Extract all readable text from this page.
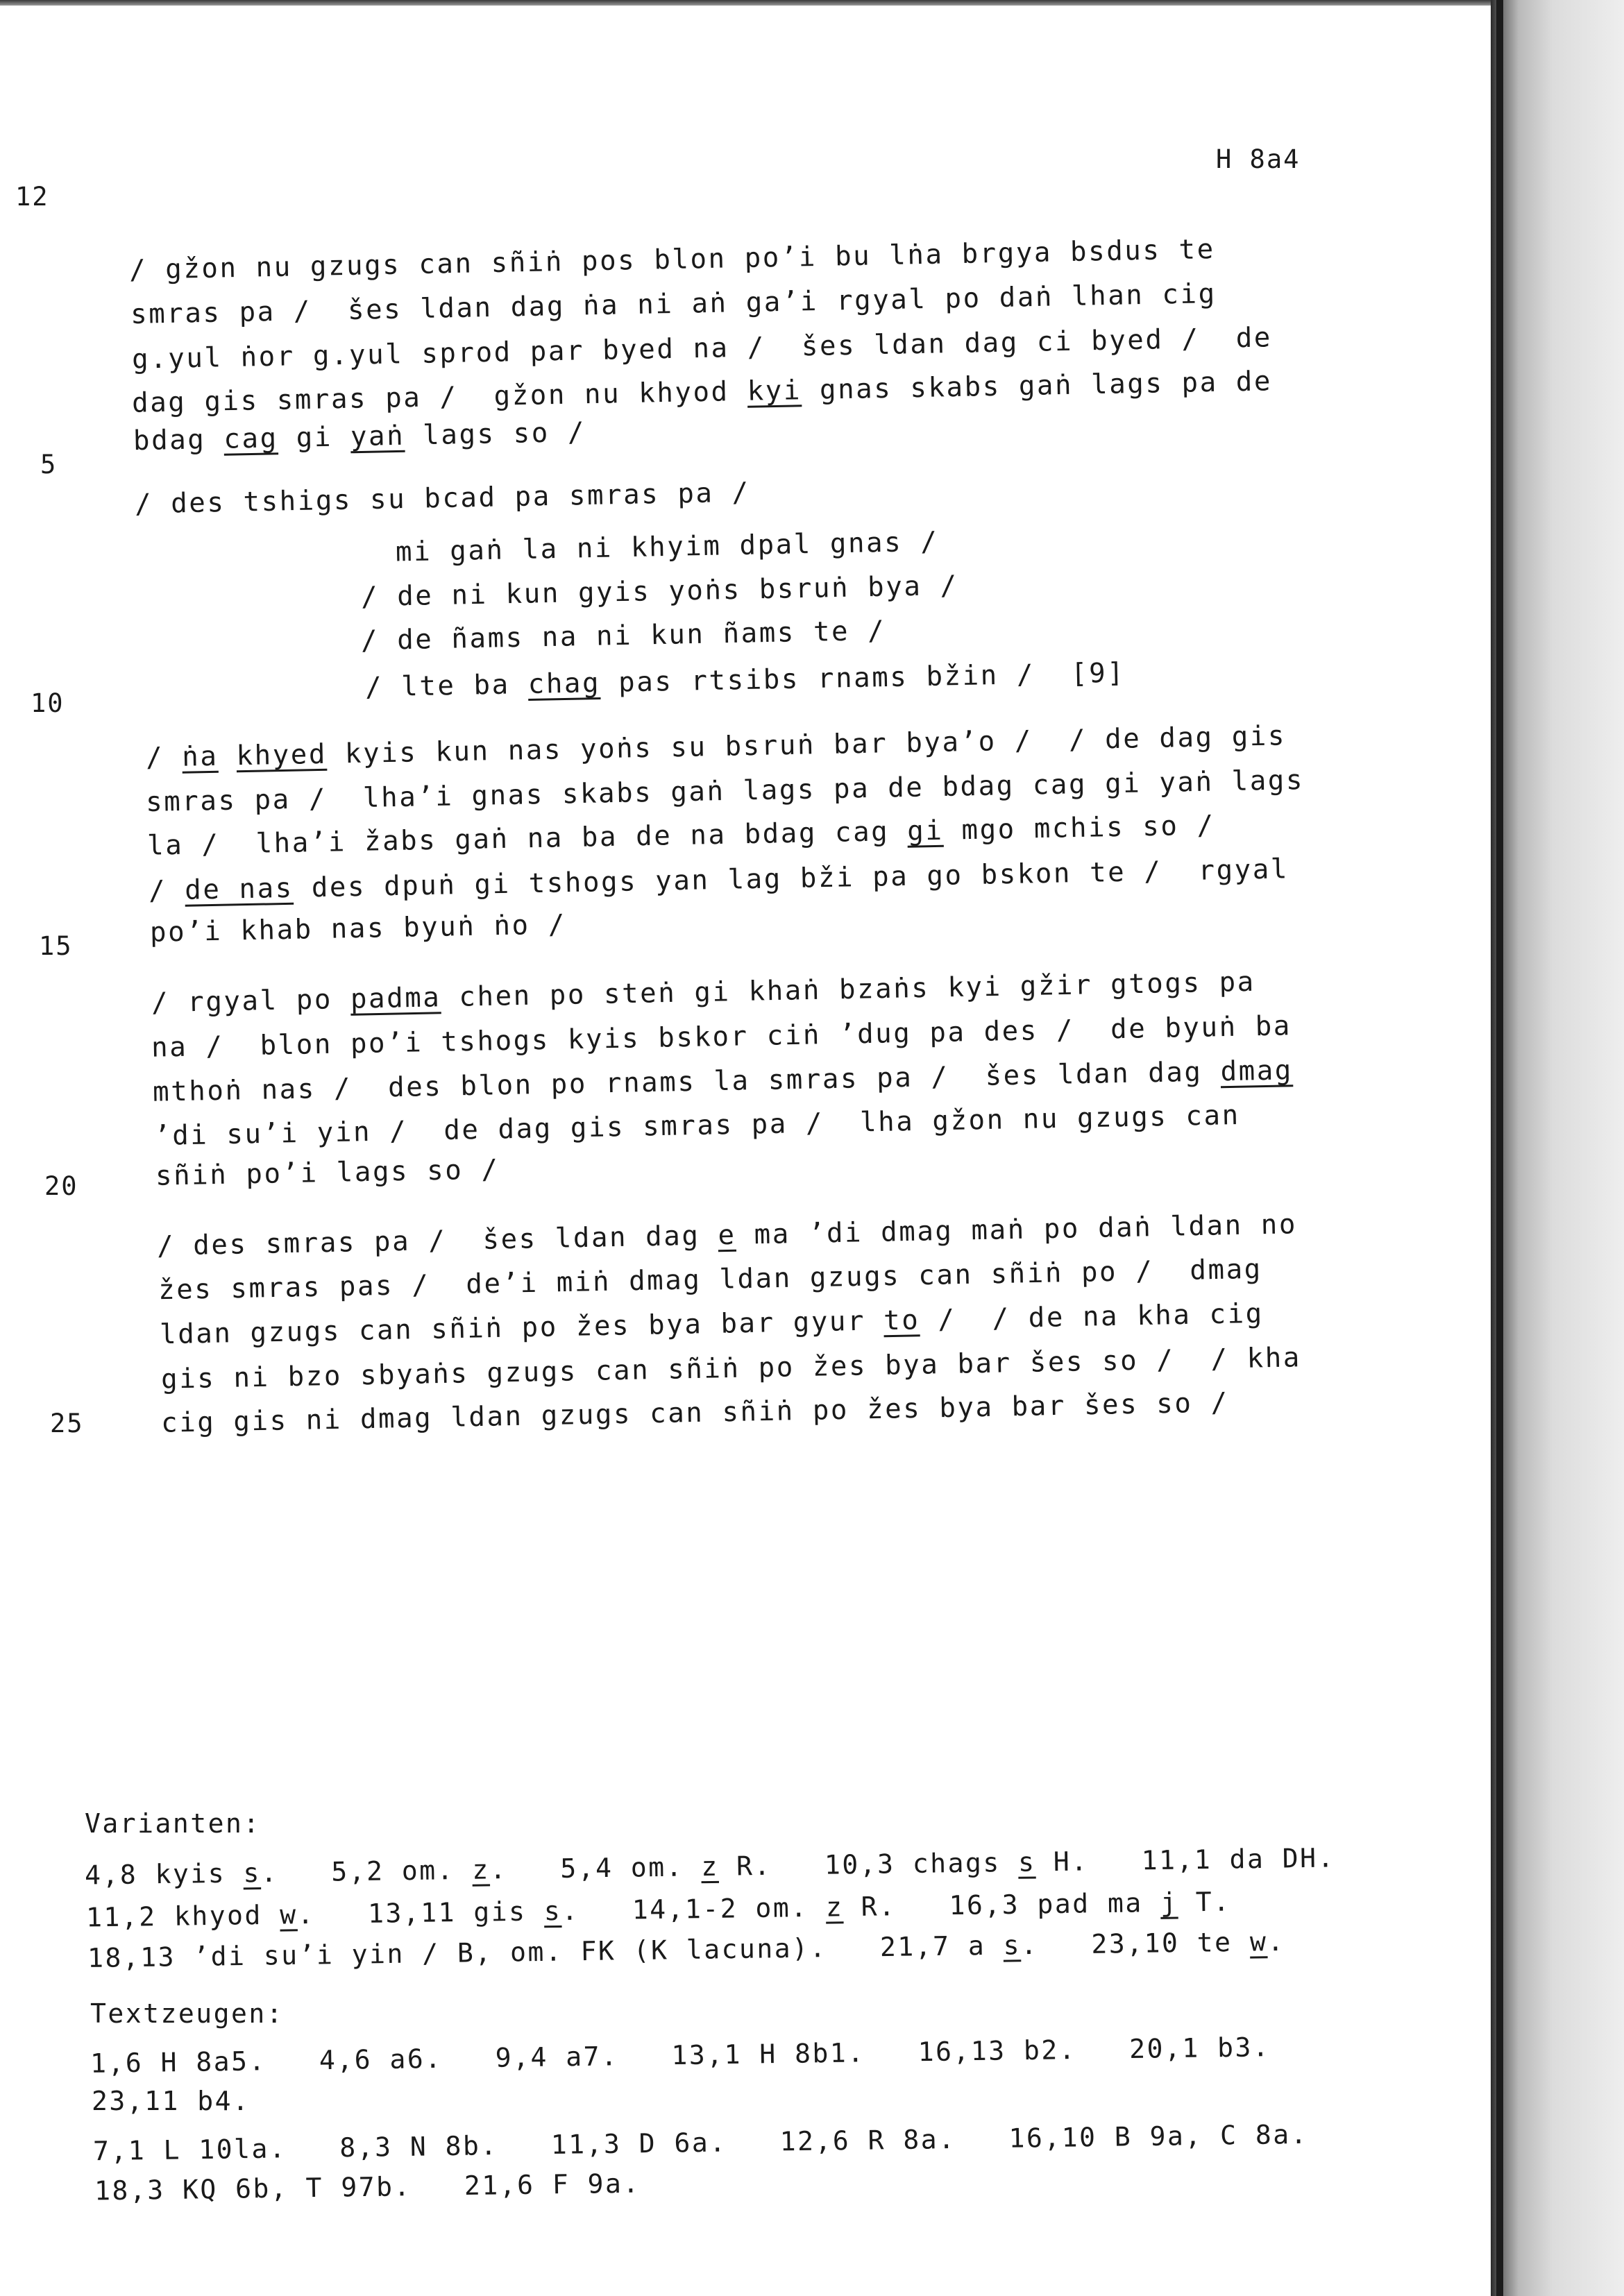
H 8a4
12
5
10
15
20
25
/ gžon nu gzugs can sñiṅ pos blon po’i bu lṅa brgya bsdus te
smras pa /  šes ldan dag ṅa ni aṅ ga’i rgyal po daṅ lhan cig
g.yul ṅor g.yul sprod par byed na /  šes ldan dag ci byed /  de
dag gis smras pa /  gžon nu khyod kyi gnas skabs gaṅ lags pa de
bdag cag gi yaṅ lags so /
/ des tshigs su bcad pa smras pa /
mi gaṅ la ni khyim dpal gnas /
/ de ni kun gyis yoṅs bsruṅ bya /
/ de ñams na ni kun ñams te /
/ lte ba chag pas rtsibs rnams bžin /  [9]
/ ṅa khyed kyis kun nas yoṅs su bsruṅ bar bya’o /  / de dag gis
smras pa /  lha’i gnas skabs gaṅ lags pa de bdag cag gi yaṅ lags
la /  lha’i žabs gaṅ na ba de na bdag cag gi mgo mchis so /
/ de nas des dpuṅ gi tshogs yan lag bži pa go bskon te /  rgyal
po’i khab nas byuṅ ṅo /
/ rgyal po padma chen po steṅ gi khaṅ bzaṅs kyi gžir gtogs pa
na /  blon po’i tshogs kyis bskor ciṅ ’dug pa des /  de byuṅ ba
mthoṅ nas /  des blon po rnams la smras pa /  šes ldan dag dmag
’di su’i yin /  de dag gis smras pa /  lha gžon nu gzugs can
sñiṅ po’i lags so /
/ des smras pa /  šes ldan dag e ma ’di dmag maṅ po daṅ ldan no
žes smras pas /  de’i miṅ dmag ldan gzugs can sñiṅ po /  dmag
ldan gzugs can sñiṅ po žes bya bar gyur to /  / de na kha cig
gis ni bzo sbyaṅs gzugs can sñiṅ po žes bya bar šes so /  / kha
cig gis ni dmag ldan gzugs can sñiṅ po žes bya bar šes so /
Varianten:
4,8 kyis s.   5,2 om. z.   5,4 om. z R.   10,3 chags s H.   11,1 da DH.
11,2 khyod w.   13,11 gis s.   14,1-2 om. z R.   16,3 pad ma j T.
18,13 ’di su’i yin / B, om. FK (K lacuna).   21,7 a s.   23,10 te w.
Textzeugen:
1,6 H 8a5.   4,6 a6.   9,4 a7.   13,1 H 8b1.   16,13 b2.   20,1 b3.
23,11 b4.
7,1 L 10la.   8,3 N 8b.   11,3 D 6a.   12,6 R 8a.   16,10 B 9a, C 8a.
18,3 KQ 6b, T 97b.   21,6 F 9a.
